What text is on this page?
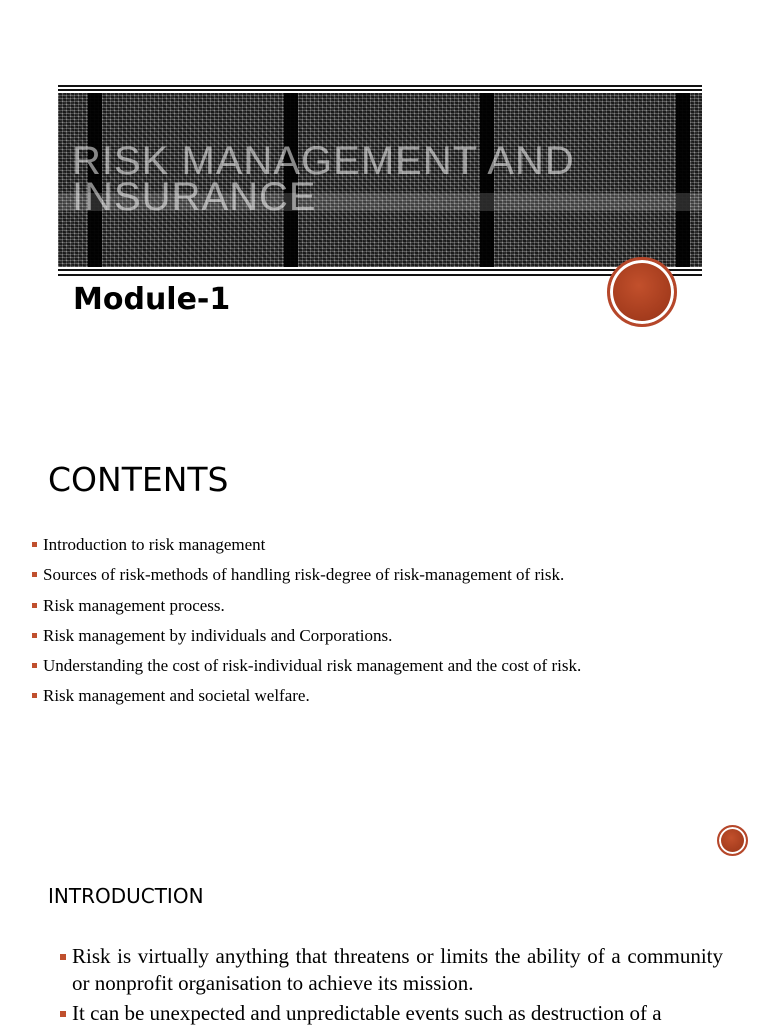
RISK MANAGEMENT AND INSURANCE
Module-1
CONTENTS
Introduction to risk management
Sources of risk-methods of handling risk-degree of risk-management of risk.
Risk management process.
Risk management by individuals and Corporations.
Understanding the cost of risk-individual risk management and the cost of risk.
Risk management and societal welfare.
INTRODUCTION
Risk is virtually anything that threatens or limits the ability of a community or nonprofit organisation to achieve its mission.
It can be unexpected and unpredictable events such as destruction of a
